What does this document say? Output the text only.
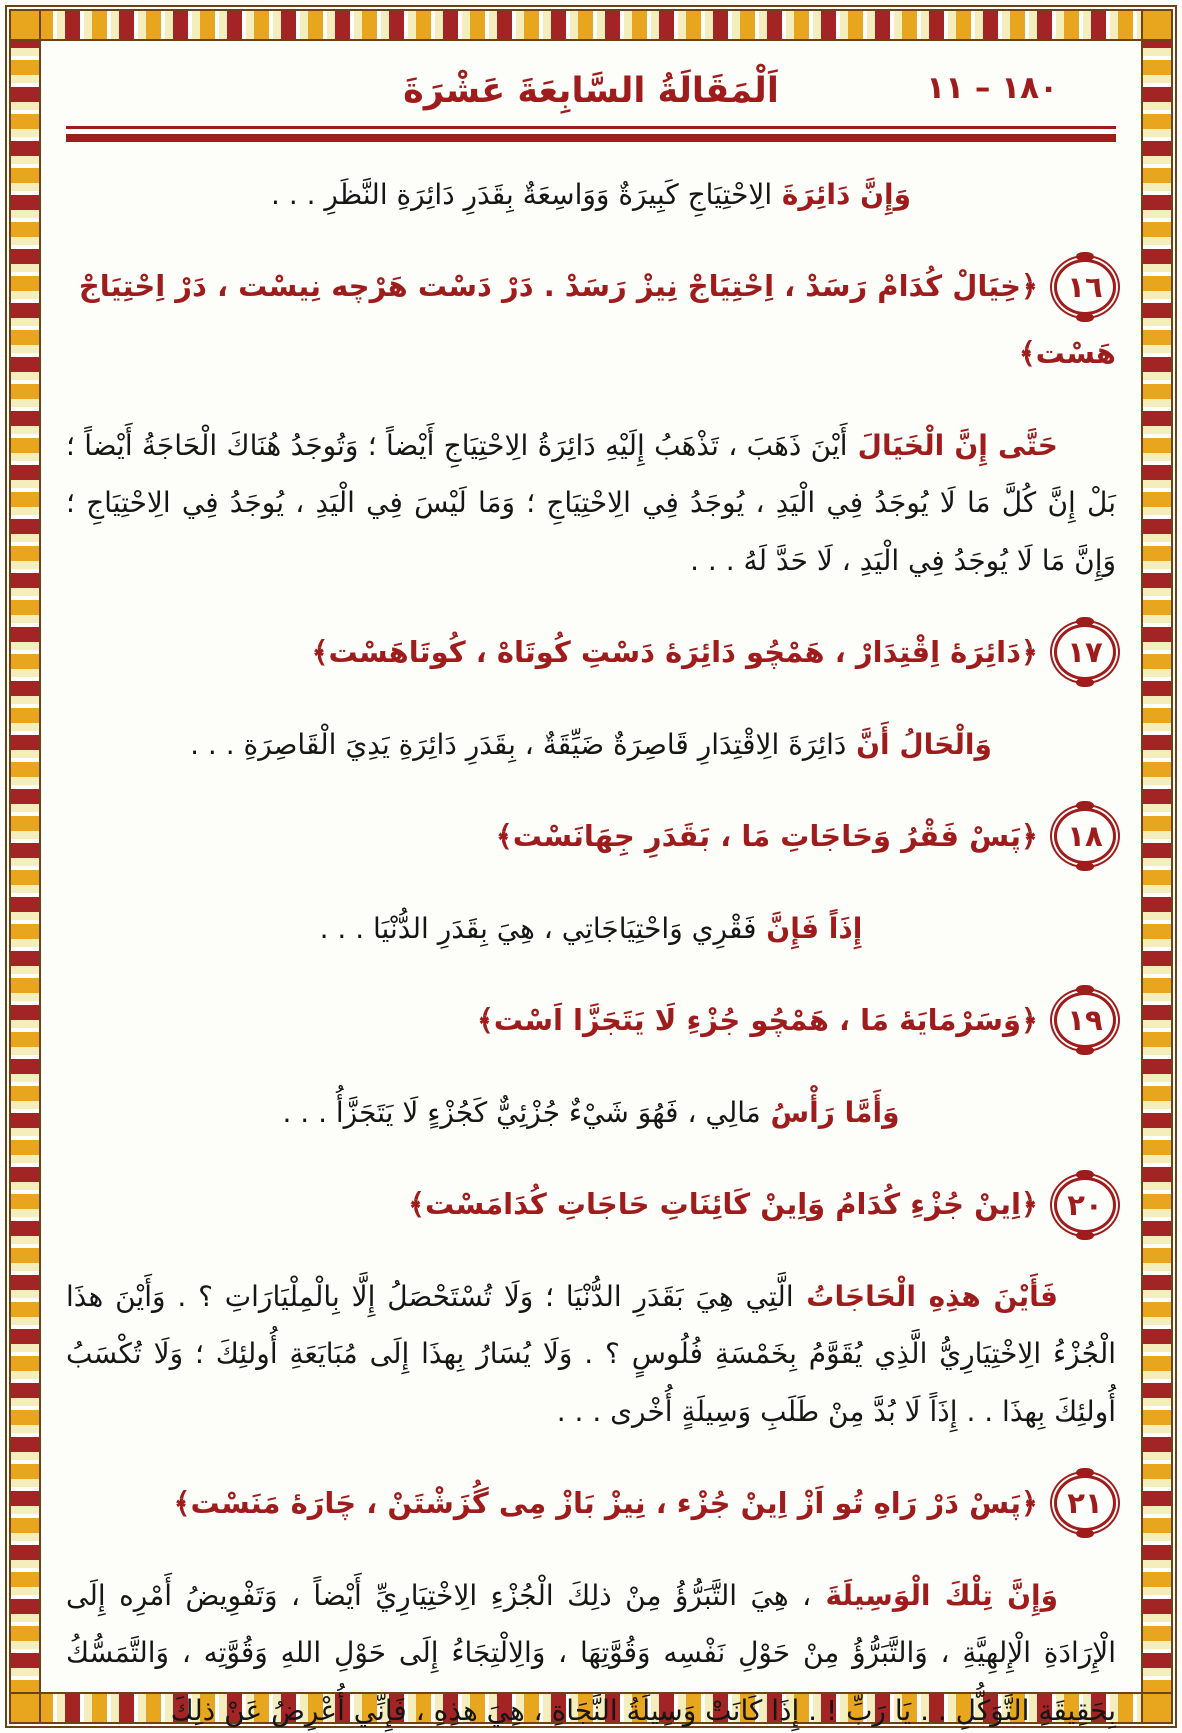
١٨٠ – ١١
اَلْمَقَالَةُ السَّابِعَةَ عَشْرَةَ

وَإِنَّ دَائِرَةَ الِاحْتِيَاجِ كَبِيرَةٌ وَوَاسِعَةٌ بِقَدَرِ دَائِرَةِ النَّظَرِ . . .

١٦﴿خِيَالْ كُدَامْ رَسَدْ ، اِحْتِيَاجْ نِيزْ رَسَدْ . دَرْ دَسْت هَرْچه نِيسْت ، دَرْ اِحْتِيَاجْ هَسْت﴾

حَتَّى إِنَّ الْخَيَالَ أَيْنَ ذَهَبَ ، تَذْهَبُ إِلَيْهِ دَائِرَةُ الِاحْتِيَاجِ أَيْضاً ؛ وَتُوجَدُ هُنَاكَ الْحَاجَةُ أَيْضاً ؛ بَلْ إِنَّ كُلَّ مَا لَا يُوجَدُ فِي الْيَدِ ، يُوجَدُ فِي الِاحْتِيَاجِ ؛ وَمَا لَيْسَ فِي الْيَدِ ، يُوجَدُ فِي الِاحْتِيَاجِ ؛ وَإِنَّ مَا لَا يُوجَدُ فِي الْيَدِ ، لَا حَدَّ لَهُ . . .

١٧﴿دَائِرَۀ اِقْتِدَارْ ، هَمْچُو دَائِرَۀ دَسْتِ كُوتَاهْ ، كُوتَاهَسْت﴾

وَالْحَالُ أَنَّ دَائِرَةَ الِاقْتِدَارِ قَاصِرَةٌ ضَيِّقَةٌ ، بِقَدَرِ دَائِرَةِ يَدِيَ الْقَاصِرَةِ . . .

١٨﴿پَسْ فَقْرُ وَحَاجَاتِ مَا ، بَقَدَرِ جِهَانَسْت﴾

إِذَاً فَإِنَّ فَقْرِي وَاحْتِيَاجَاتِي ، هِيَ بِقَدَرِ الدُّنْيَا . . .

١٩﴿وَسَرْمَايَۀ مَا ، هَمْچُو جُزْءِ لَا يَتَجَزَّا اَسْت﴾

وَأَمَّا رَأْسُ مَالِي ، فَهُوَ شَيْءٌ جُزْئِيٌّ كَجُزْءٍ لَا يَتَجَزَّأُ . . .

٢٠﴿اِينْ جُزْءِ كُدَامُ وَاِينْ كَائِنَاتِ حَاجَاتِ كُدَامَسْت﴾

فَأَيْنَ هذِهِ الْحَاجَاتُ الَّتِي هِيَ بَقَدَرِ الدُّنْيَا ؛ وَلَا تُسْتَحْصَلُ إِلَّا بِالْمِلْيَارَاتِ ؟ . وَأَيْنَ هذَا الْجُزْءُ الِاخْتِيَارِيُّ الَّذِي يُقَوَّمُ بِخَمْسَةِ فُلُوسٍ ؟ . وَلَا يُسَارُ بِهذَا إِلَى مُبَايَعَةِ أُولئِكَ ؛ وَلَا تُكْسَبُ أُولئِكَ بِهذَا . . إِذَاً لَا بُدَّ مِنْ طَلَبِ وَسِيلَةٍ أُخْرى . . .

٢١﴿پَسْ دَرْ رَاهِ تُو اَزْ اِينْ جُزْء ، نِيزْ بَازْ مِى گُزَشْتَنْ ، چَارَۀ مَنَسْت﴾

وَإِنَّ تِلْكَ الْوَسِيلَةَ ، هِيَ التَّبَرُّؤُ مِنْ ذلِكَ الْجُزْءِ الِاخْتِيَارِيِّ أَيْضاً ، وَتَفْوِيضُ أَمْرِه إِلَى الْإِرَادَةِ الْإِلهِيَّةِ ، وَالتَّبَرُّؤُ مِنْ حَوْلِ نَفْسِه وَقُوَّتِهَا ، وَالِالْتِجَاءُ إِلَى حَوْلِ اللهِ وَقُوَّتِه ، وَالتَّمَسُّكُ بِحَقِيقَةِ التَّوَكُّلِ . . يَا رَبِّ ! . إِذَا كَانَتْ وَسِيلَةُ النَّجَاةِ ، هِيَ هذِهِ ، فَإِنِّي أُعْرِضُ عَنْ ذلِكَ
